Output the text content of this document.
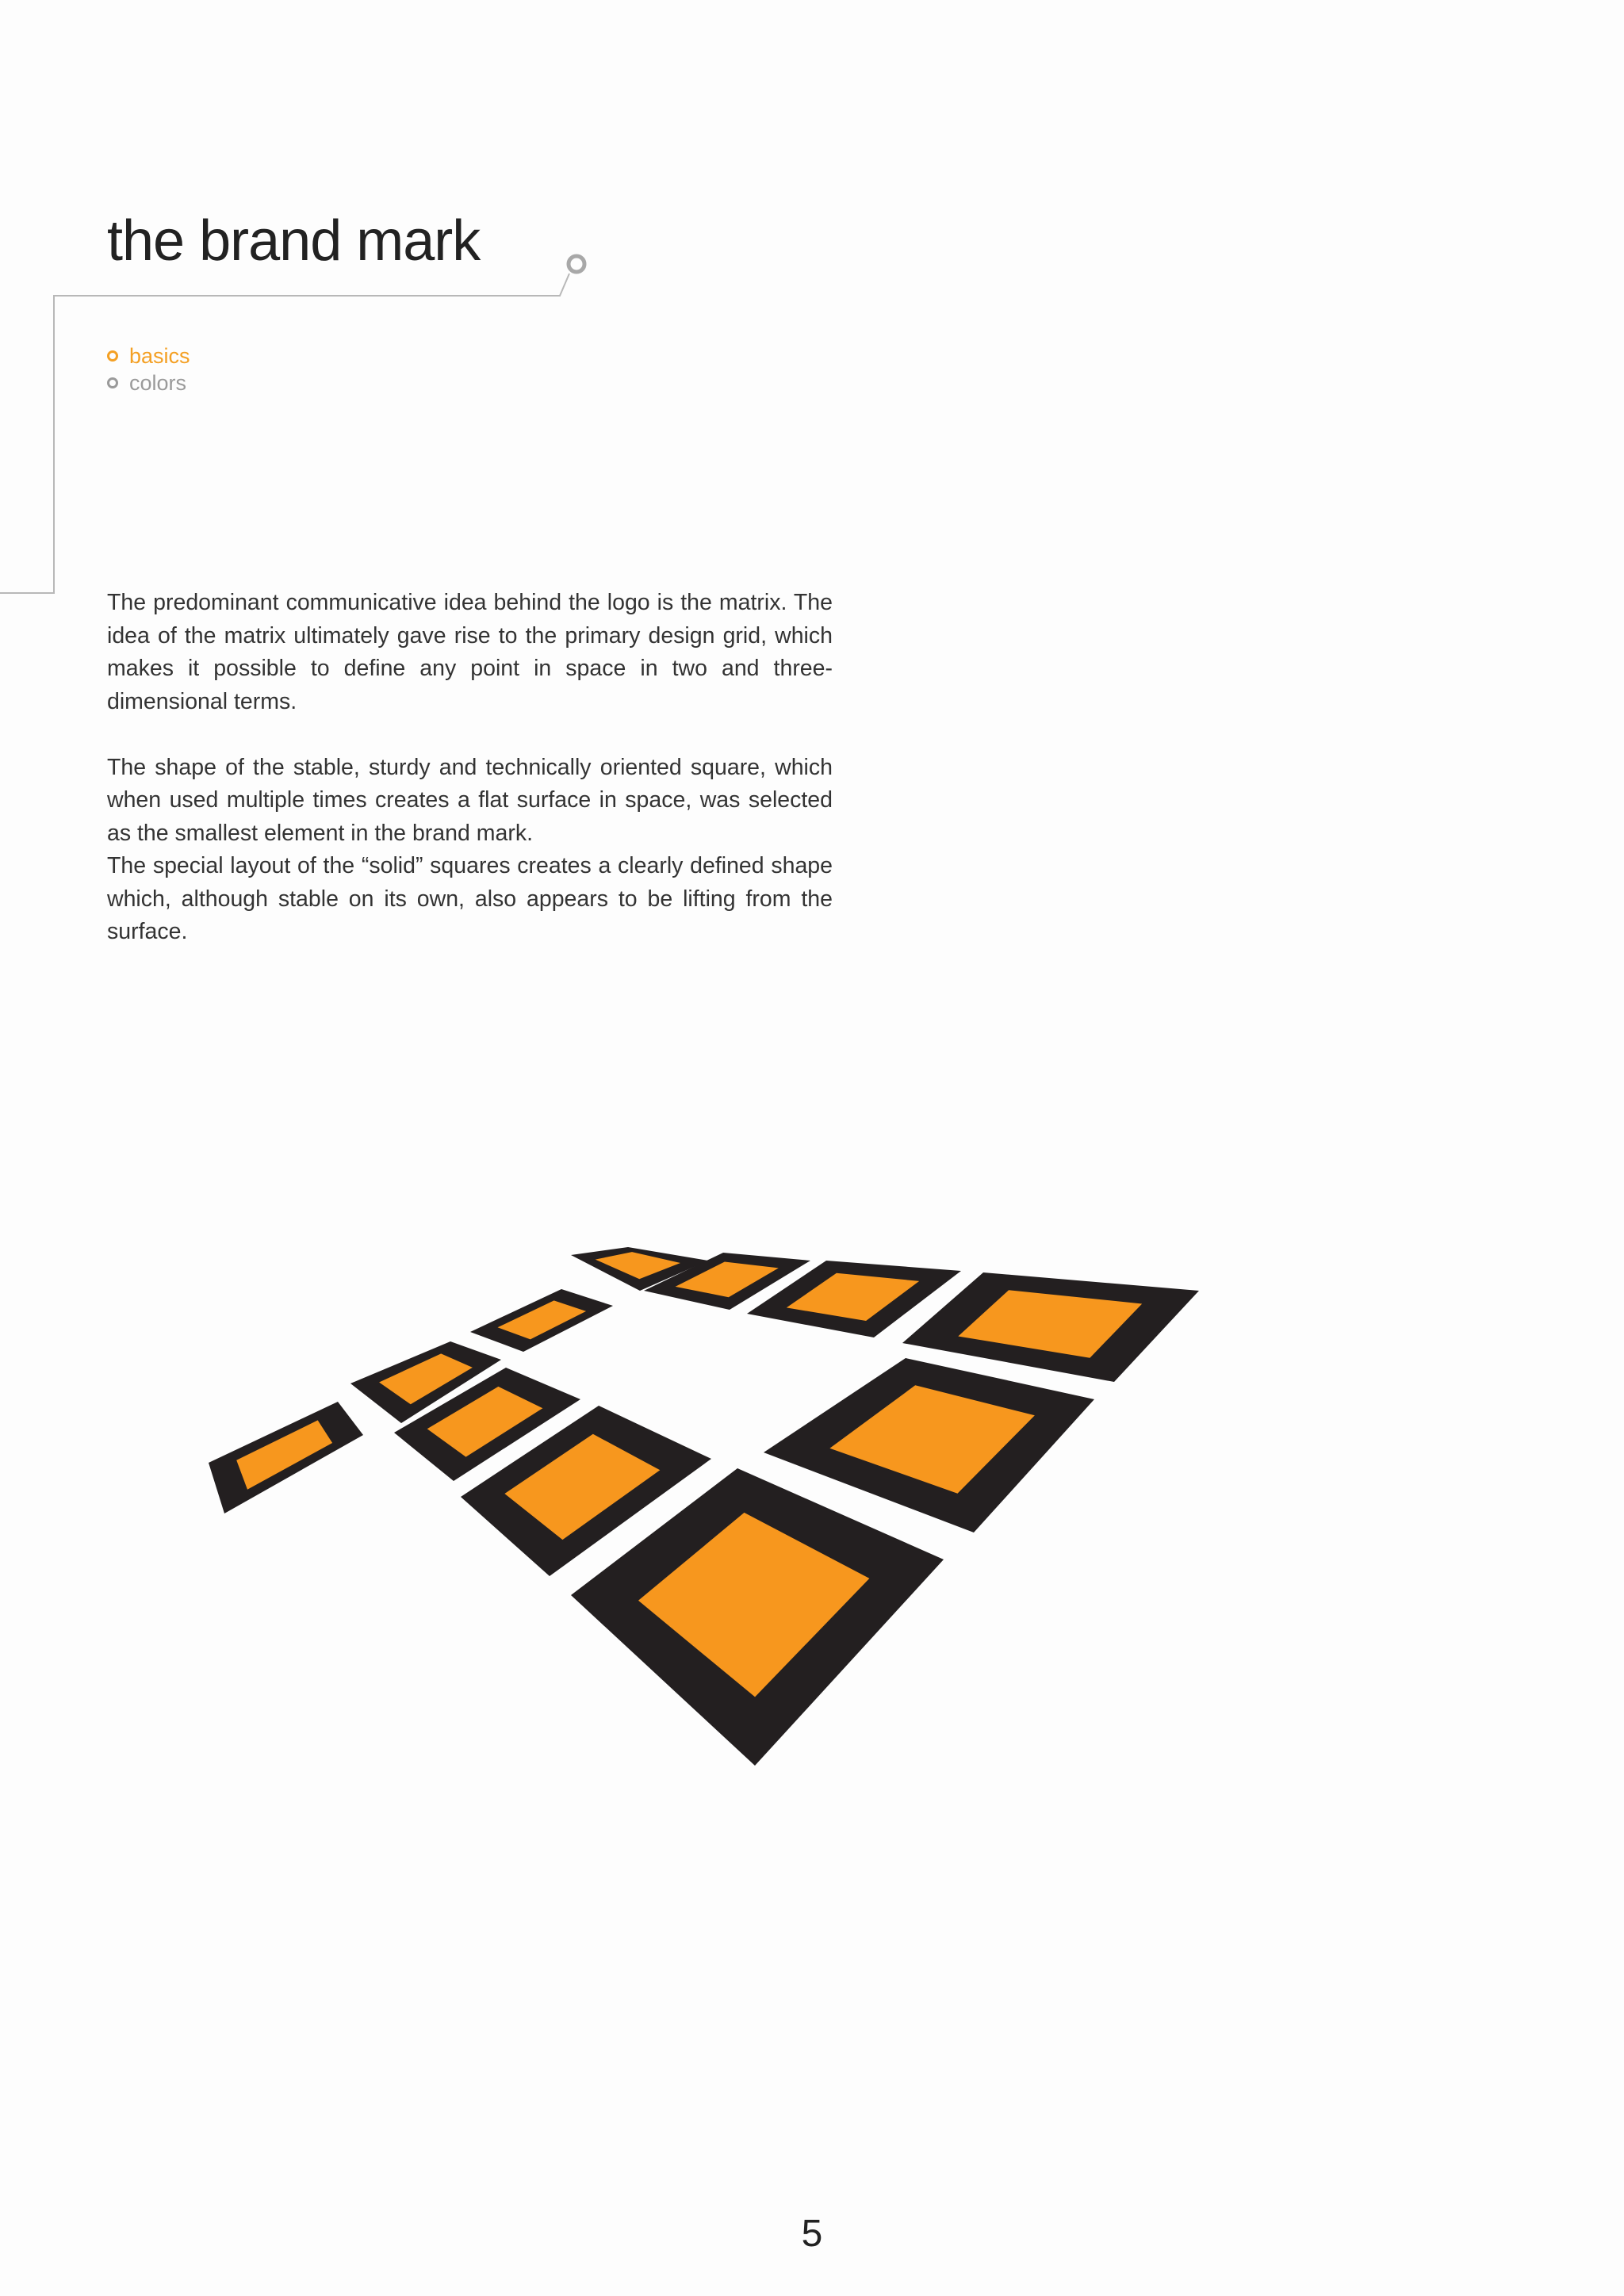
the brand mark
basics
colors

The predominant communicative idea behind the logo is the matrix. The idea of the matrix ultimately gave rise to the primary design grid, which makes it possible to define any point in space in two and three-dimensional terms.

The shape of the stable, sturdy and technically oriented square, which when used multiple times creates a flat surface in space, was selected as the smallest element in the brand mark.

The special layout of the “solid” squares creates a clearly defined shape which, although stable on its own, also appears to be lifting from the surface.

5
